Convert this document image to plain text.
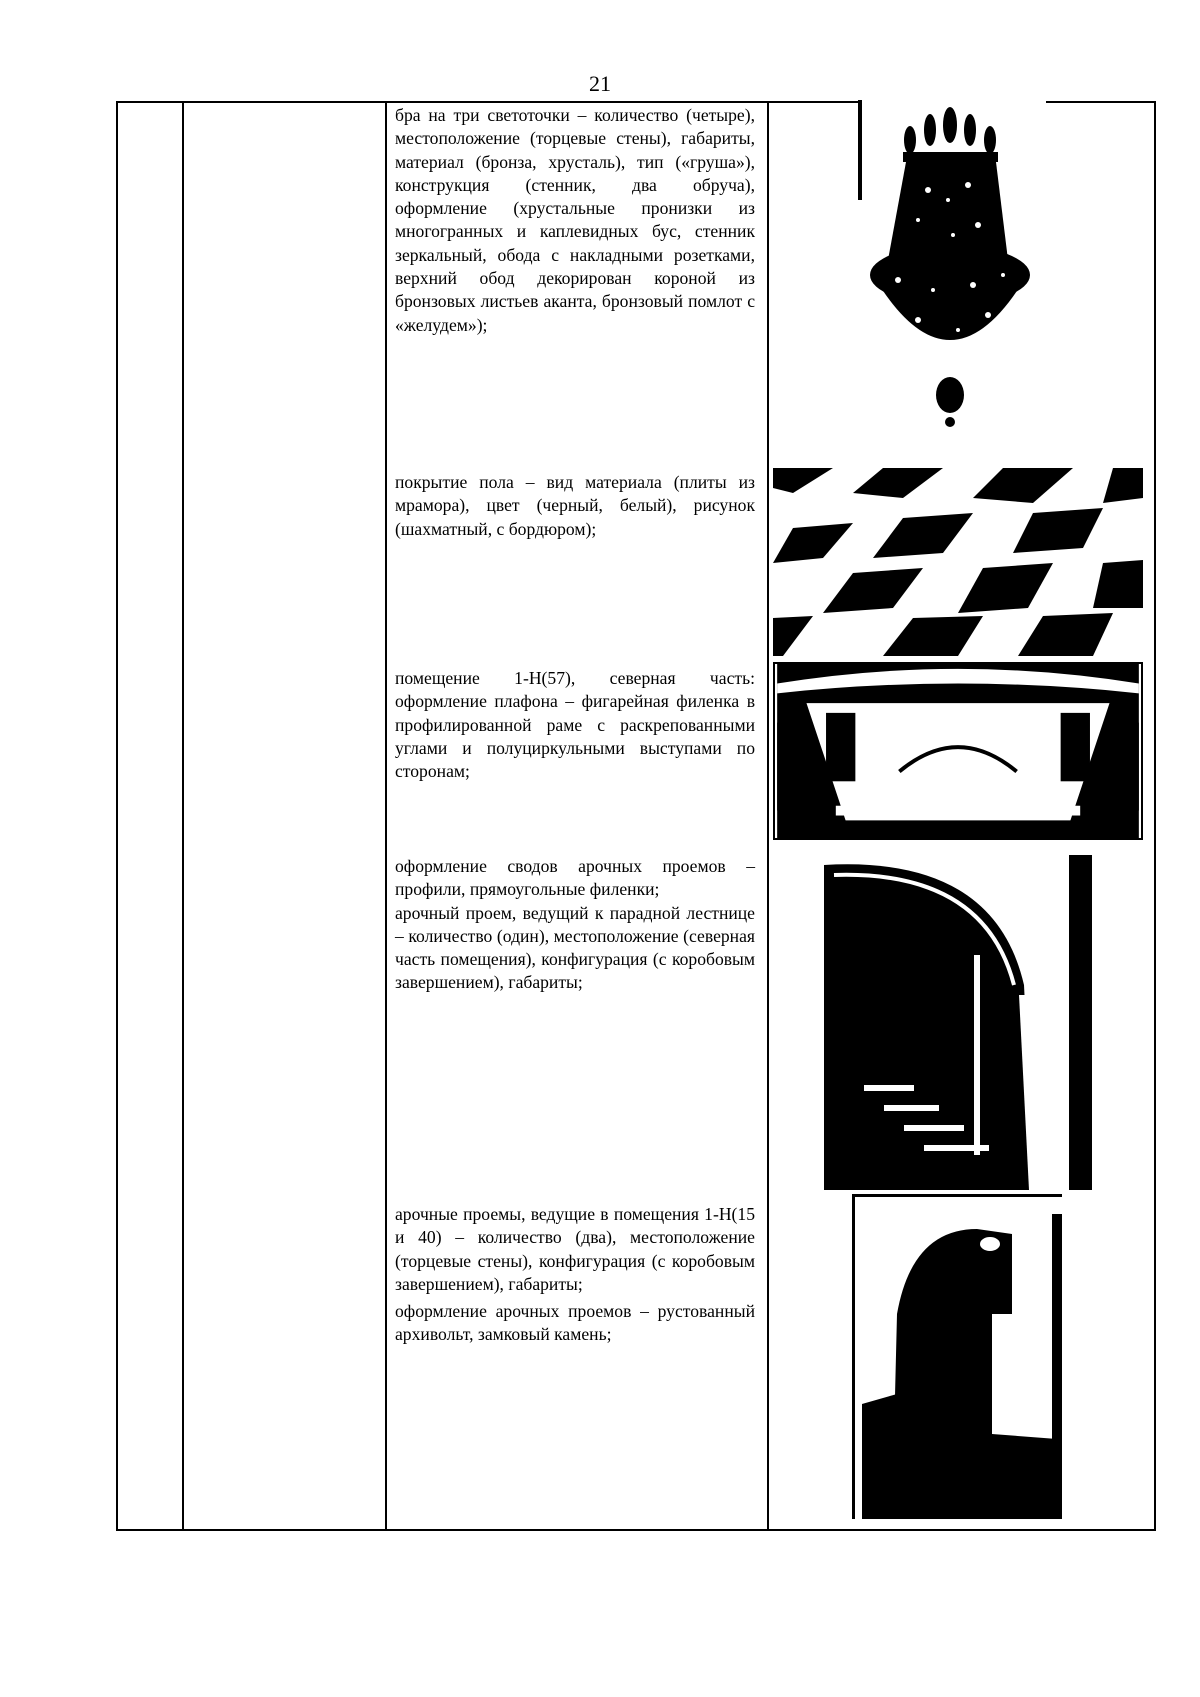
21

бра на три светоточки – количество (четыре), местоположение (торцевые стены), габариты, материал (бронза, хрусталь), тип («груша»), конструкция (стенник, два обруча), оформление (хрустальные пронизки из многогранных и каплевидных бус, стенник зеркальный, обода с накладными розетками, верхний обод декорирован короной из бронзовых листьев аканта, бронзовый помлот с «желудем»);

покрытие пола – вид материала (плиты из мрамора), цвет (черный, белый), рисунок (шахматный, с бордюром);

помещение 1-Н(57), северная часть: оформление плафона – фигарейная филенка в профилированной раме с раскрепованными углами и полуциркульными выступами по сторонам;

оформление сводов арочных проемов – профили, прямоугольные филенки;

арочный проем, ведущий к парадной лестнице – количество (один), местоположение (северная часть помещения), конфигурация (с коробовым завершением), габариты;

арочные проемы, ведущие в помещения 1-Н(15 и 40) – количество (два), местоположение (торцевые стены), конфигурация (с коробовым завершением), габариты;

оформление арочных проемов – рустованный архивольт, замковый камень;
